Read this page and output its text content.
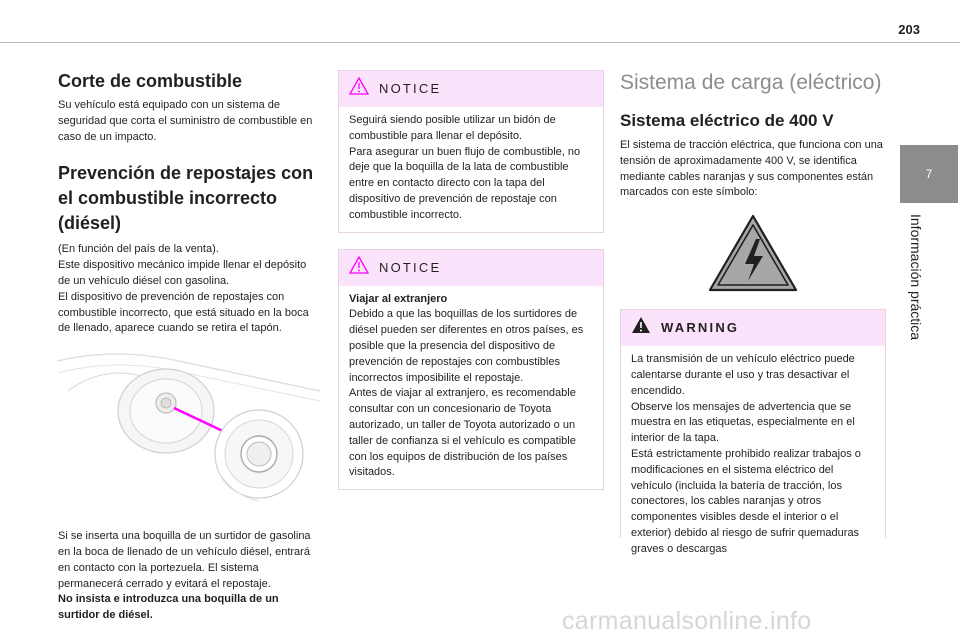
203
7
Información práctica
Corte de combustible

Su vehículo está equipado con un sistema de seguridad que corta el suministro de combustible en caso de un impacto.

Prevención de repostajes con el combustible incorrecto (diésel)

(En función del país de la venta).

Este dispositivo mecánico impide llenar el depósito de un vehículo diésel con gasolina.

El dispositivo de prevención de repostajes con combustible incorrecto, que está situado en la boca de llenado, aparece cuando se retira el tapón.

Si se inserta una boquilla de un surtidor de gasolina en la boca de llenado de un vehículo diésel, entrará en contacto con la portezuela. El sistema permanecerá cerrado y evitará el repostaje.

No insista e introduzca una boquilla de un surtidor de diésel.

NOTICE

Seguirá siendo posible utilizar un bidón de combustible para llenar el depósito.

Para asegurar un buen flujo de combustible, no deje que la boquilla de la lata de combustible entre en contacto directo con la tapa del dispositivo de prevención de repostaje con combustible incorrecto.

NOTICE

Viajar al extranjero

Debido a que las boquillas de los surtidores de diésel pueden ser diferentes en otros países, es posible que la presencia del dispositivo de prevención de repostajes con combustibles incorrectos imposibilite el repostaje.

Antes de viajar al extranjero, es recomendable consultar con un concesionario de Toyota autorizado, un taller de Toyota autorizado o un taller de confianza si el vehículo es compatible con los equipos de distribución de los países visitados.

Sistema de carga (eléctrico)
Sistema eléctrico de 400 V

El sistema de tracción eléctrica, que funciona con una tensión de aproximadamente 400 V, se identifica mediante cables naranjas y sus componentes están marcados con este símbolo:

WARNING

La transmisión de un vehículo eléctrico puede calentarse durante el uso y tras desactivar el encendido.

Observe los mensajes de advertencia que se muestra en las etiquetas, especialmente en el interior de la tapa.

Está estrictamente prohibido realizar trabajos o modificaciones en el sistema eléctrico del vehículo (incluida la batería de tracción, los conectores, los cables naranjas y otros componentes visibles desde el interior o el exterior) debido al riesgo de sufrir quemaduras graves o descargas

carmanualsonline.info
